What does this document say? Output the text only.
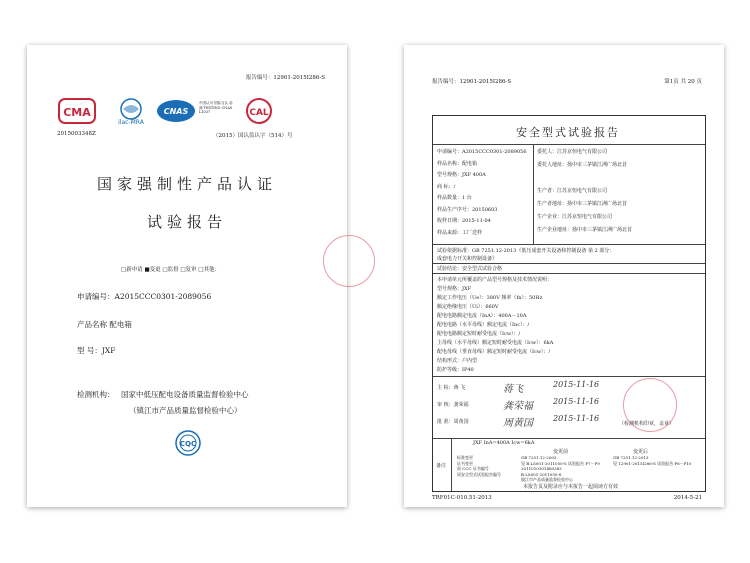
报告编号：12901-2015I286-S
CMA
ilac-MRA
CNAS
中国认可 国际互认 检测 TESTING CNAS L1037	CAL
2015003348Z	（2015）国认监认字（514）号
国家强制性产品认证
试验报告
□新申请 ■变更 □监督 □复审 □其他：
申请编号：A2015CCC0301-2089056
产品名称 配电箱
型 号：JXF
检测机构： 国家中低压配电设备质量监督检验中心
（镇江市产品质量监督检验中心）
CQC
报告编号：12901-2015I286-S	第1页 共 20 页
安全型式试验报告
试验依据标准：GB 7251.12-2013《低压成套开关设备和控制设备 第 2 部分：
成套电力开关和控制设备》
试验结论：安全型式试验合格
本申请单元所覆盖的产品型号规格及技术情况说明：
（检测机构印章，盖章）
备注
JXF InA=400A Icw=6kA
本报告页及附录应与本报告一起阅读方有效
申请编号：A2015CCC0301-2089056
样品名称：配电箱
型号规格：JXF 400A
商 标：/
样品数量：1 台
样品生产序号：20150603
收样日期：2015-11-04
样品来源：工厂送样
委托人：江苏京恒电气有限公司
委托人地址：扬中市三茅镇江洲广场北首
生产者：江苏京恒电气有限公司
生产者地址：扬中市三茅镇江洲广场北首
生产企业：江苏京恒电气有限公司
生产企业地址：扬中市三茅镇江洲广场北首
型号规格：JXF
额定工作电压（Ue）：380V 频率（fn）：50Hz
额定绝缘电压（Ui）：660V
配电电路额定电流（InA）：400A－10A
配电电路（水平母线）额定电流（Inc）：/
配电电路额定短时耐受电流（Icw）：/
主母线（水平母线）额定短时耐受电流（Icw）：6kA
配电母线（垂直母线）额定短时耐受电流（Icw）：/
结构形式：户内型
防护等级：IP40
主 检：蒋 飞	蒋飞	2015-11-16
审 核：龚荣福	龚荣福	2015-11-16
批 准：周黄国	周黄国	2015-11-16
变更前	变更后
标准变更	GB 7251.12-2005	GB 7251.12-2013
证书变更	见 B.LS001-2011050-S 试验报告 P7－P9	见 12901-2015I286-S 试验报告 P6－P10
原 CCC 证书编号	2011010301480383
原安全型式试验报告编号	B.LS001-2011050-S
镇江市产品质量监督检验中心
TRF01C-010.51-2013	2014-5-21
